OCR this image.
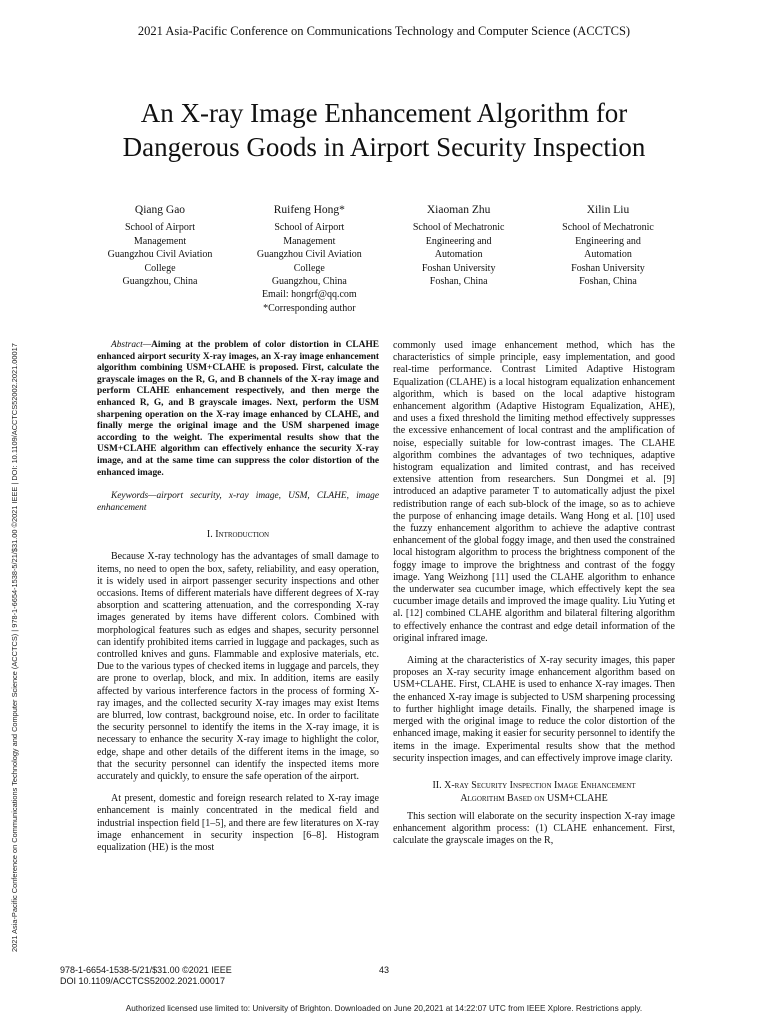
2021 Asia-Pacific Conference on Communications Technology and Computer Science (ACCTCS)
2021 Asia-Pacific Conference on Communications Technology and Computer Science (ACCTCS) | 978-1-6654-1538-5/21/$31.00 ©2021 IEEE | DOI: 10.1109/ACCTCS52002.2021.00017
An X-ray Image Enhancement Algorithm for
Dangerous Goods in Airport Security Inspection
Qiang Gao
School of Airport
Management
Guangzhou Civil Aviation
College
Guangzhou, China
Ruifeng Hong*
School of Airport
Management
Guangzhou Civil Aviation
College
Guangzhou, China
Email: hongrf@qq.com
*Corresponding author
Xiaoman Zhu
School of Mechatronic
Engineering and
Automation
Foshan University
Foshan, China
Xilin Liu
School of Mechatronic
Engineering and
Automation
Foshan University
Foshan, China

Abstract—Aiming at the problem of color distortion in CLAHE enhanced airport security X-ray images, an X-ray image enhancement algorithm combining USM+CLAHE is proposed. First, calculate the grayscale images on the R, G, and B channels of the X-ray image and perform CLAHE enhancement respectively, and then merge the enhanced R, G, and B grayscale images. Next, perform the USM sharpening operation on the X-ray image enhanced by CLAHE, and finally merge the original image and the USM sharpened image according to the weight. The experimental results show that the USM+CLAHE algorithm can effectively enhance the security X-ray image, and at the same time can suppress the color distortion of the enhanced image.

Keywords—airport security, x-ray image, USM, CLAHE, image enhancement

I. Introduction

Because X-ray technology has the advantages of small damage to items, no need to open the box, safety, reliability, and easy operation, it is widely used in airport passenger security inspections and other occasions. Items of different materials have different degrees of X-ray absorption and scattering attenuation, and the corresponding X-ray images generated by items have different colors. Combined with morphological features such as edges and shapes, security personnel can identify prohibited items carried in luggage and packages, such as controlled knives and guns. Flammable and explosive materials, etc. Due to the various types of checked items in luggage and parcels, they are prone to overlap, block, and mix. In addition, items are easily affected by various interference factors in the process of forming X-ray images, and the collected security X-ray images may exist Items are blurred, low contrast, background noise, etc. In order to facilitate the security personnel to identify the items in the X-ray image, it is necessary to enhance the security X-ray image to highlight the color, edge, shape and other details of the different items in the image, so that the security personnel can identify the inspected items more accurately and quickly, to ensure the safe operation of the airport.

At present, domestic and foreign research related to X-ray image enhancement is mainly concentrated in the medical field and industrial inspection field [1–5], and there are few literatures on X-ray image enhancement in security inspection [6–8]. Histogram equalization (HE) is the most

commonly used image enhancement method, which has the characteristics of simple principle, easy implementation, and good real-time performance. Contrast Limited Adaptive Histogram Equalization (CLAHE) is a local histogram equalization enhancement algorithm, which is based on the local adaptive histogram enhancement algorithm (Adaptive Histogram Equalization, AHE), and uses a fixed threshold the limiting method effectively suppresses the excessive enhancement of local contrast and the amplification of noise, especially suitable for low-contrast images. The CLAHE algorithm combines the advantages of two techniques, adaptive histogram equalization and limited contrast, and has received extensive attention from researchers. Sun Dongmei et al. [9] introduced an adaptive parameter T to automatically adjust the pixel redistribution range of each sub-block of the image, so as to achieve the purpose of enhancing image details. Wang Hong et al. [10] used the fuzzy enhancement algorithm to achieve the adaptive contrast enhancement of the global foggy image, and then used the constrained local histogram algorithm to process the brightness component of the foggy image to improve the brightness and contrast of the foggy image. Yang Weizhong [11] used the CLAHE algorithm to enhance the underwater sea cucumber image, which effectively kept the sea cucumber image details and improved the image quality. Liu Yuting et al. [12] combined CLAHE algorithm and bilateral filtering algorithm to effectively enhance the contrast and edge detail information of the original infrared image.

Aiming at the characteristics of X-ray security images, this paper proposes an X-ray security image enhancement algorithm based on USM+CLAHE. First, CLAHE is used to enhance X-ray images. Then the enhanced X-ray image is subjected to USM sharpening processing to further highlight image details. Finally, the sharpened image is merged with the original image to reduce the color distortion of the enhanced image, making it easier for security personnel to identify the items in the image. Experimental results show that the method security inspection images, and can effectively improve image clarity.

II. X-ray Security Inspection Image Enhancement
Algorithm Based on USM+CLAHE

This section will elaborate on the security inspection X-ray image enhancement algorithm process: (1) CLAHE enhancement. First, calculate the grayscale images on the R,

978-1-6654-1538-5/21/$31.00 ©2021 IEEE
DOI 10.1109/ACCTCS52002.2021.00017
43
Authorized licensed use limited to: University of Brighton. Downloaded on June 20,2021 at 14:22:07 UTC from IEEE Xplore. Restrictions apply.
